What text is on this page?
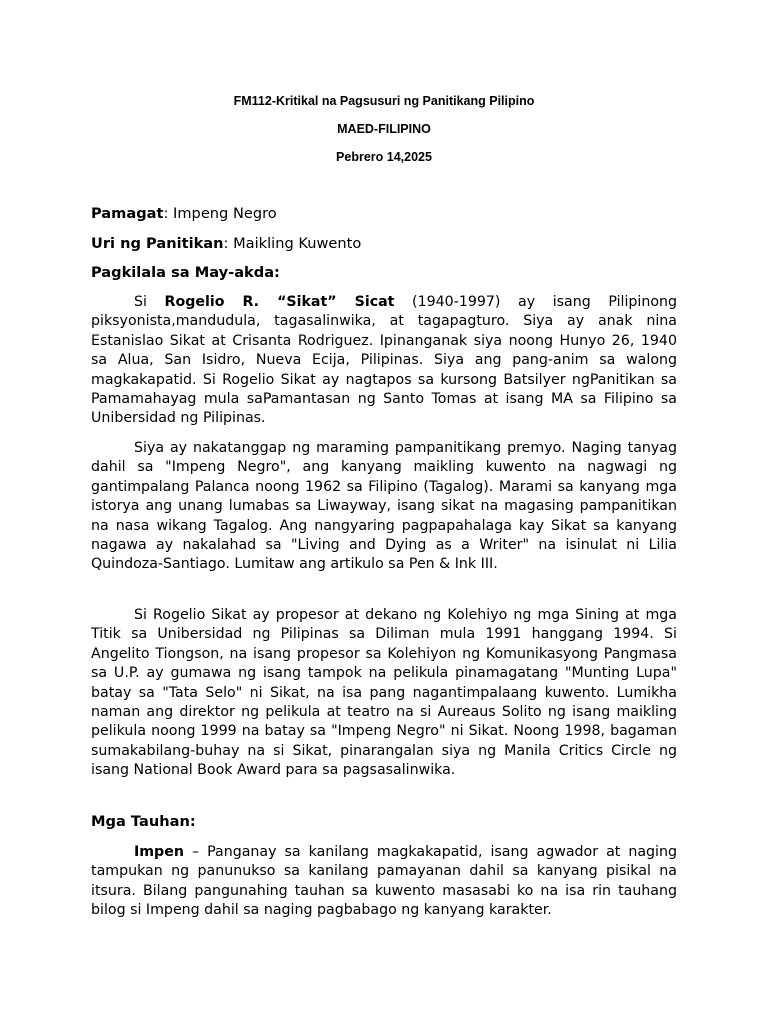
FM112-Kritikal na Pagsusuri ng Panitikang Pilipino
MAED-FILIPINO
Pebrero 14,2025
Pamagat: Impeng Negro
Uri ng Panitikan: Maikling Kuwento
Pagkilala sa May-akda:

Si Rogelio R. “Sikat” Sicat (1940-1997) ay isang Pilipinong piksyonista,mandudula, tagasalinwika, at tagapagturo. Siya ay anak nina Estanislao Sikat at Crisanta Rodriguez. Ipinanganak siya noong Hunyo 26, 1940 sa Alua, San Isidro, Nueva Ecija, Pilipinas. Siya ang pang-anim sa walong magkakapatid. Si Rogelio Sikat ay nagtapos sa kursong Batsilyer ngPanitikan sa Pamamahayag mula saPamantasan ng Santo Tomas at isang MA sa Filipino sa Unibersidad ng Pilipinas.

Siya ay nakatanggap ng maraming pampanitikang premyo. Naging tanyag dahil sa "Impeng Negro", ang kanyang maikling kuwento na nagwagi ng gantimpalang Palanca noong 1962 sa Filipino (Tagalog). Marami sa kanyang mga istorya ang unang lumabas sa Liwayway, isang sikat na magasing pampanitikan na nasa wikang Tagalog. Ang nangyaring pagpapahalaga kay Sikat sa kanyang nagawa ay nakalahad sa "Living and Dying as a Writer" na isinulat ni Lilia Quindoza-Santiago. Lumitaw ang artikulo sa Pen & Ink III.

Si Rogelio Sikat ay propesor at dekano ng Kolehiyo ng mga Sining at mga Titik sa Unibersidad ng Pilipinas sa Diliman mula 1991 hanggang 1994. Si Angelito Tiongson, na isang propesor sa Kolehiyon ng Komunikasyong Pangmasa sa U.P. ay gumawa ng isang tampok na pelikula pinamagatang "Munting Lupa" batay sa "Tata Selo" ni Sikat, na isa pang nagantimpalaang kuwento. Lumikha naman ang direktor ng pelikula at teatro na si Aureaus Solito ng isang maikling pelikula noong 1999 na batay sa "Impeng Negro" ni Sikat. Noong 1998, bagaman sumakabilang-buhay na si Sikat, pinarangalan siya ng Manila Critics Circle ng isang National Book Award para sa pagsasalinwika.

Mga Tauhan:

Impen – Panganay sa kanilang magkakapatid, isang agwador at naging tampukan ng panunukso sa kanilang pamayanan dahil sa kanyang pisikal na itsura. Bilang pangunahing tauhan sa kuwento masasabi ko na isa rin tauhang bilog si Impeng dahil sa naging pagbabago ng kanyang karakter.
